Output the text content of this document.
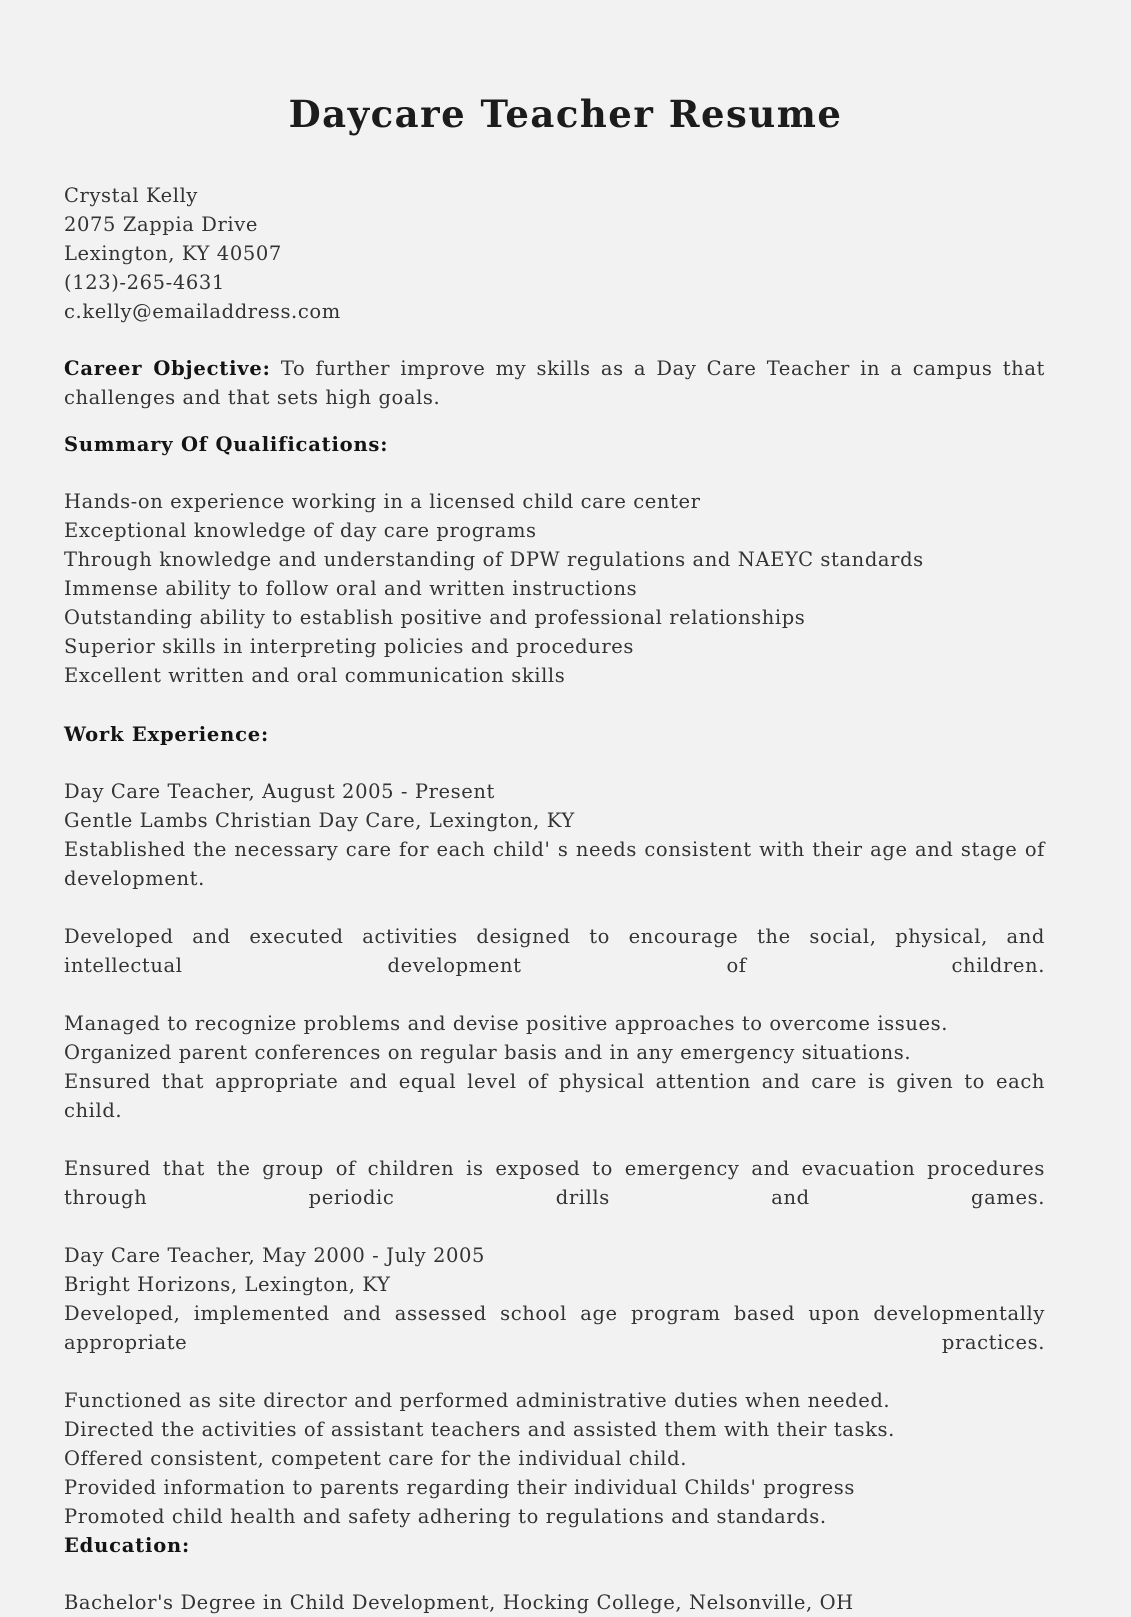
Daycare Teacher Resume
Crystal Kelly
2075 Zappia Drive
Lexington, KY 40507
(123)-265-4631
c.kelly@emailaddress.com

Career Objective: To further improve my skills as a Day Care Teacher in a campus that challenges and that sets high goals.

Summary Of Qualifications:
Hands-on experience working in a licensed child care center
Exceptional knowledge of day care programs
Through knowledge and understanding of DPW regulations and NAEYC standards
Immense ability to follow oral and written instructions
Outstanding ability to establish positive and professional relationships
Superior skills in interpreting policies and procedures
Excellent written and oral communication skills
Work Experience:
Day Care Teacher, August 2005 - Present
Gentle Lambs Christian Day Care, Lexington, KY

Established the necessary care for each child' s needs consistent with their age and stage of development.

Developed and executed activities designed to encourage the social, physical, and intellectual development of children.

Managed to recognize problems and devise positive approaches to overcome issues.

Organized parent conferences on regular basis and in any emergency situations.

Ensured that appropriate and equal level of physical attention and care is given to each child.

Ensured that the group of children is exposed to emergency and evacuation procedures through periodic drills and games.

Day Care Teacher, May 2000 - July 2005
Bright Horizons, Lexington, KY

Developed, implemented and assessed school age program based upon developmentally appropriate practices.

Functioned as site director and performed administrative duties when needed.

Directed the activities of assistant teachers and assisted them with their tasks.

Offered consistent, competent care for the individual child.

Provided information to parents regarding their individual Childs' progress

Promoted child health and safety adhering to regulations and standards.

Education:
Bachelor's Degree in Child Development, Hocking College, Nelsonville, OH
